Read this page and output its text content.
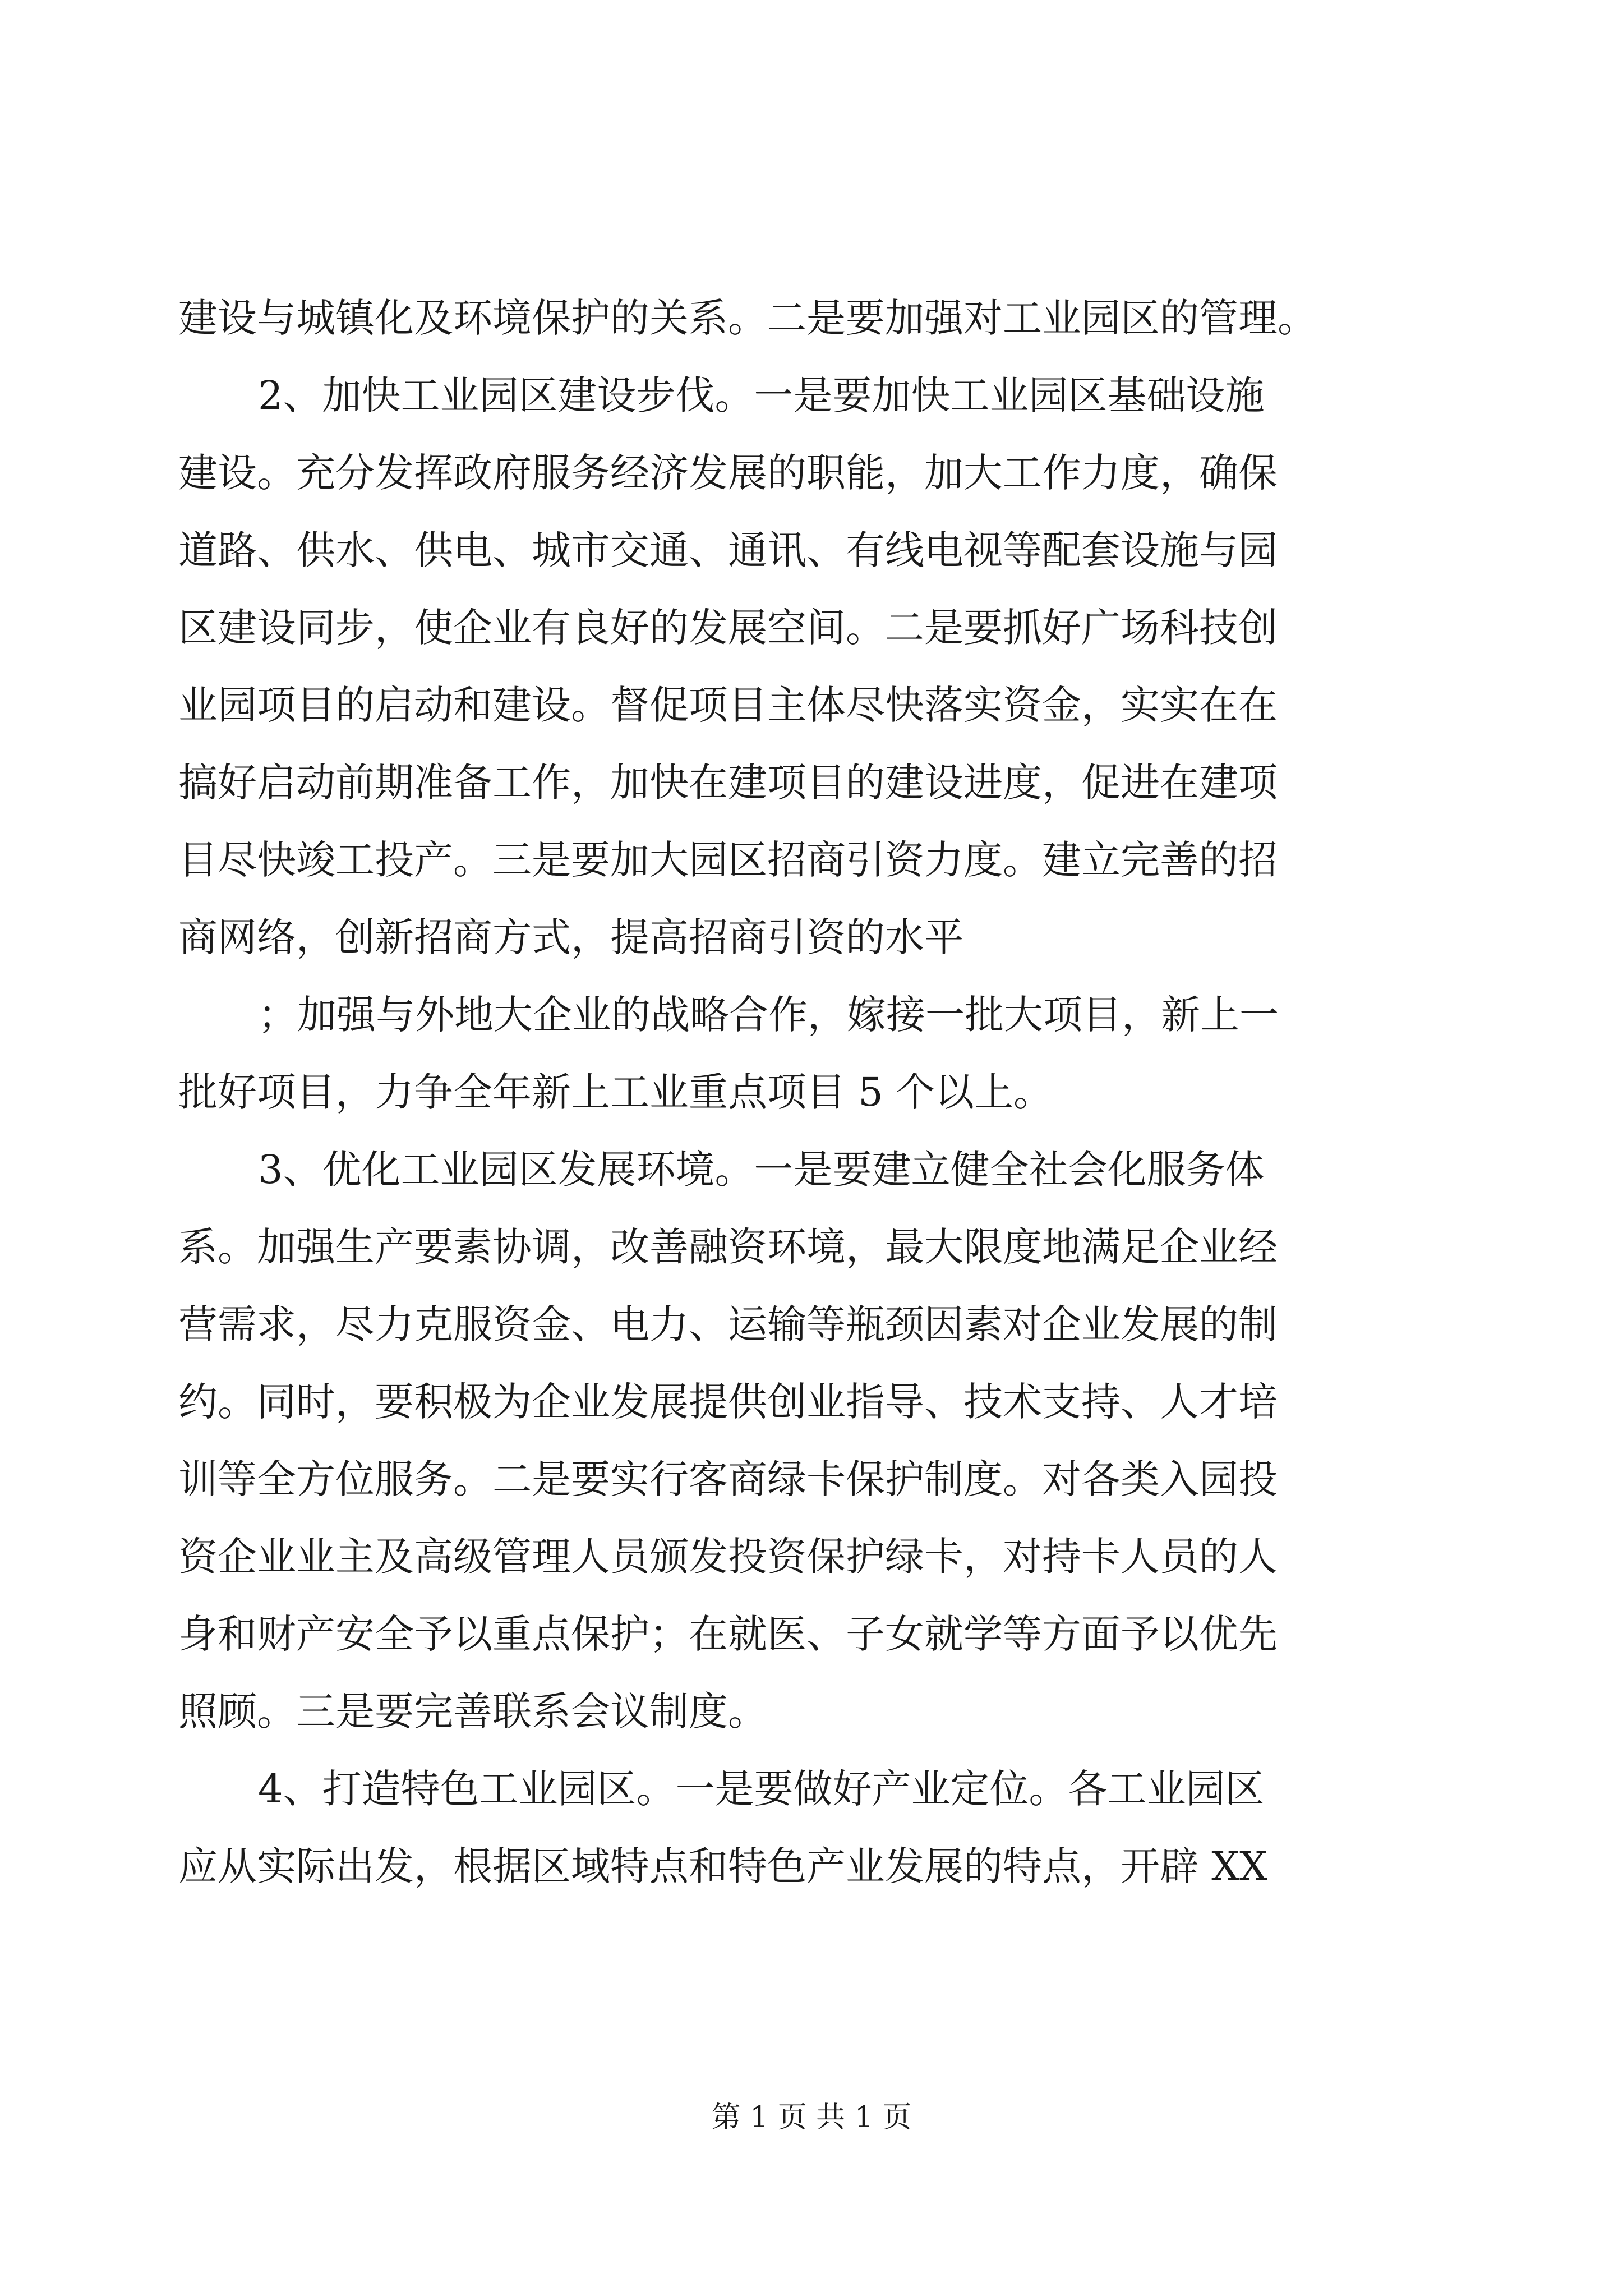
建设与城镇化及环境保护的关系。二是要加强对工业园区的管理。
2、加快工业园区建设步伐。一是要加快工业园区基础设施
建设。充分发挥政府服务经济发展的职能，加大工作力度，确保
道路、供水、供电、城市交通、通讯、有线电视等配套设施与园
区建设同步，使企业有良好的发展空间。二是要抓好广场科技创
业园项目的启动和建设。督促项目主体尽快落实资金，实实在在
搞好启动前期准备工作，加快在建项目的建设进度，促进在建项
目尽快竣工投产。三是要加大园区招商引资力度。建立完善的招
商网络，创新招商方式，提高招商引资的水平
；加强与外地大企业的战略合作，嫁接一批大项目，新上一
批好项目，力争全年新上工业重点项目 5 个以上。
3、优化工业园区发展环境。一是要建立健全社会化服务体
系。加强生产要素协调，改善融资环境，最大限度地满足企业经
营需求，尽力克服资金、电力、运输等瓶颈因素对企业发展的制
约。同时，要积极为企业发展提供创业指导、技术支持、人才培
训等全方位服务。二是要实行客商绿卡保护制度。对各类入园投
资企业业主及高级管理人员颁发投资保护绿卡，对持卡人员的人
身和财产安全予以重点保护；在就医、子女就学等方面予以优先
照顾。三是要完善联系会议制度。
4、打造特色工业园区。一是要做好产业定位。各工业园区
应从实际出发，根据区域特点和特色产业发展的特点，开辟 XX
第 1 页 共 1 页
